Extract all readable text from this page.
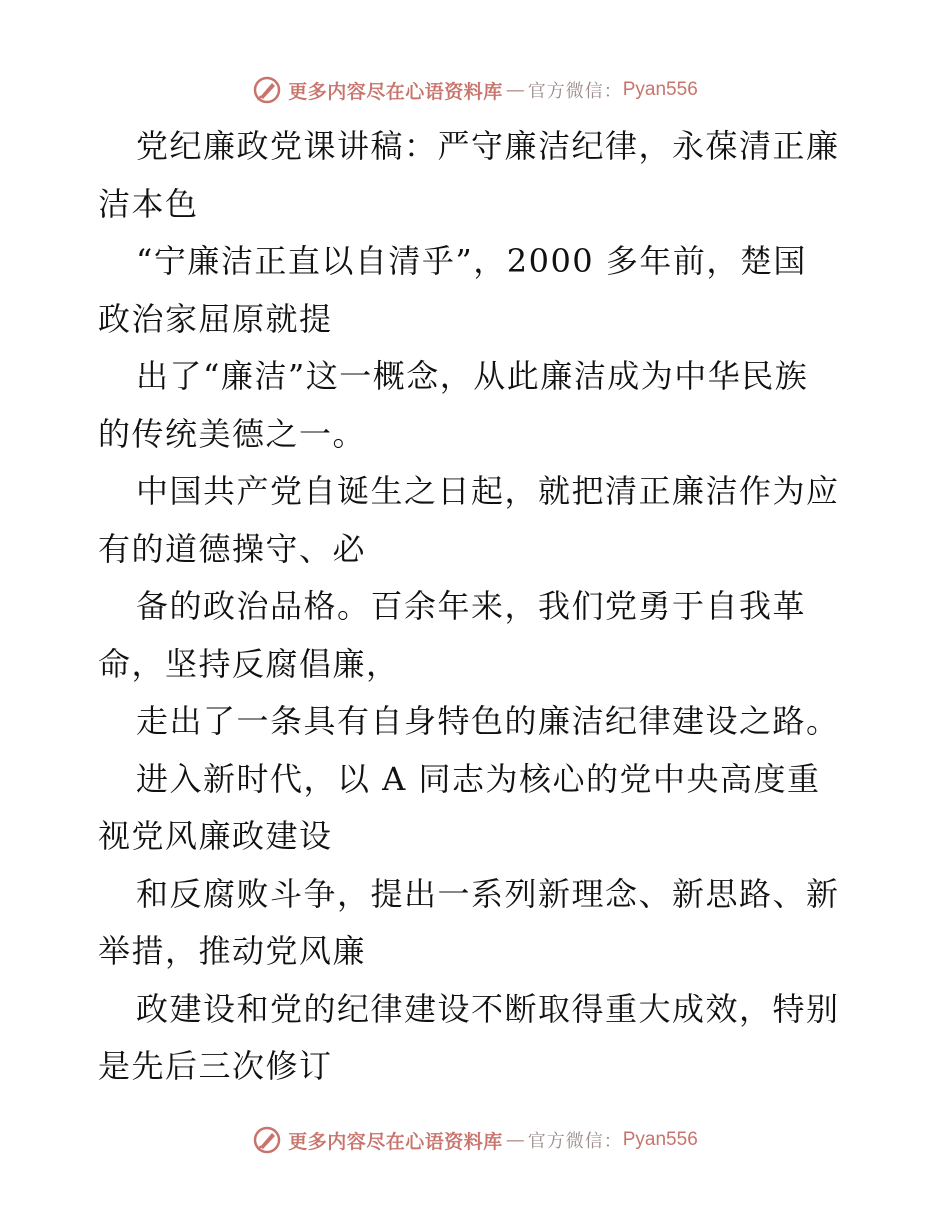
更多内容尽在心语资料库 — 官方微信： Pyan556

党纪廉政党课讲稿：严守廉洁纪律，永葆清正廉
洁本色

“宁廉洁正直以自清乎”，2000 多年前，楚国
政治家屈原就提

出了“廉洁”这一概念，从此廉洁成为中华民族
的传统美德之一。

中国共产党自诞生之日起，就把清正廉洁作为应
有的道德操守、必

备的政治品格。百余年来，我们党勇于自我革
命，坚持反腐倡廉，

走出了一条具有自身特色的廉洁纪律建设之路。

进入新时代，以 A 同志为核心的党中央高度重
视党风廉政建设

和反腐败斗争，提出一系列新理念、新思路、新
举措，推动党风廉

政建设和党的纪律建设不断取得重大成效，特别
是先后三次修订

更多内容尽在心语资料库 — 官方微信： Pyan556
